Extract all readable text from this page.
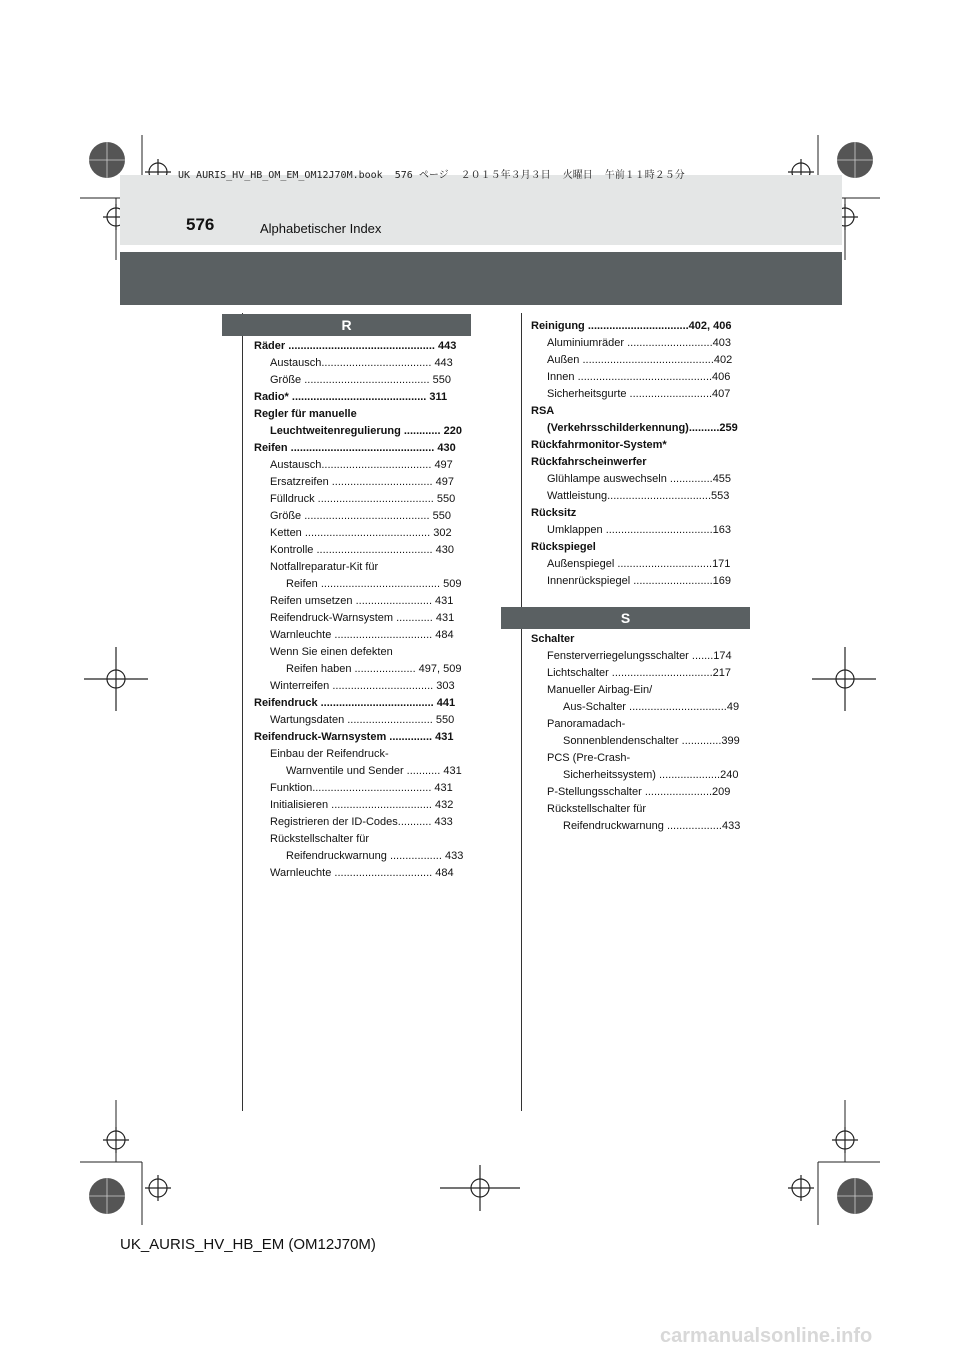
UK AURIS_HV_HB_OM_EM_OM12J70M.book  576 ページ  ２０１５年３月３日  火曜日  午前１１時２５分
576	Alphabetischer Index
R
S
Räder ................................................ 443
Austausch.................................... 443
Größe ......................................... 550
Radio* ............................................ 311
Regler für manuelle
Leuchtweitenregulierung ............ 220
Reifen ............................................... 430
Austausch.................................... 497
Ersatzreifen ................................. 497
Fülldruck ...................................... 550
Größe ......................................... 550
Ketten ......................................... 302
Kontrolle ...................................... 430
Notfallreparatur-Kit für
Reifen ....................................... 509
Reifen umsetzen ......................... 431
Reifendruck-Warnsystem ............ 431
Warnleuchte ................................ 484
Wenn Sie einen defekten
Reifen haben .................... 497, 509
Winterreifen ................................. 303
Reifendruck ..................................... 441
Wartungsdaten ............................ 550
Reifendruck-Warnsystem .............. 431
Einbau der Reifendruck-
Warnventile und Sender ........... 431
Funktion....................................... 431
Initialisieren ................................. 432
Registrieren der ID-Codes........... 433
Rückstellschalter für
Reifendruckwarnung ................. 433
Warnleuchte ................................ 484
Reinigung .................................402, 406
Aluminiumräder ............................403
Außen ...........................................402
Innen ............................................406
Sicherheitsgurte ...........................407
RSA
(Verkehrsschilderkennung)..........259
Rückfahrmonitor-System*
Rückfahrscheinwerfer
Glühlampe auswechseln ..............455
Wattleistung..................................553
Rücksitz
Umklappen ...................................163
Rückspiegel
Außenspiegel ...............................171
Innenrückspiegel ..........................169
Schalter
Fensterverriegelungsschalter .......174
Lichtschalter .................................217
Manueller Airbag-Ein/
Aus-Schalter ................................49
Panoramadach-
Sonnenblendenschalter .............399
PCS (Pre-Crash-
Sicherheitssystem) ....................240
P-Stellungsschalter ......................209
Rückstellschalter für
Reifendruckwarnung ..................433
UK_AURIS_HV_HB_EM (OM12J70M)
carmanualsonline.info
